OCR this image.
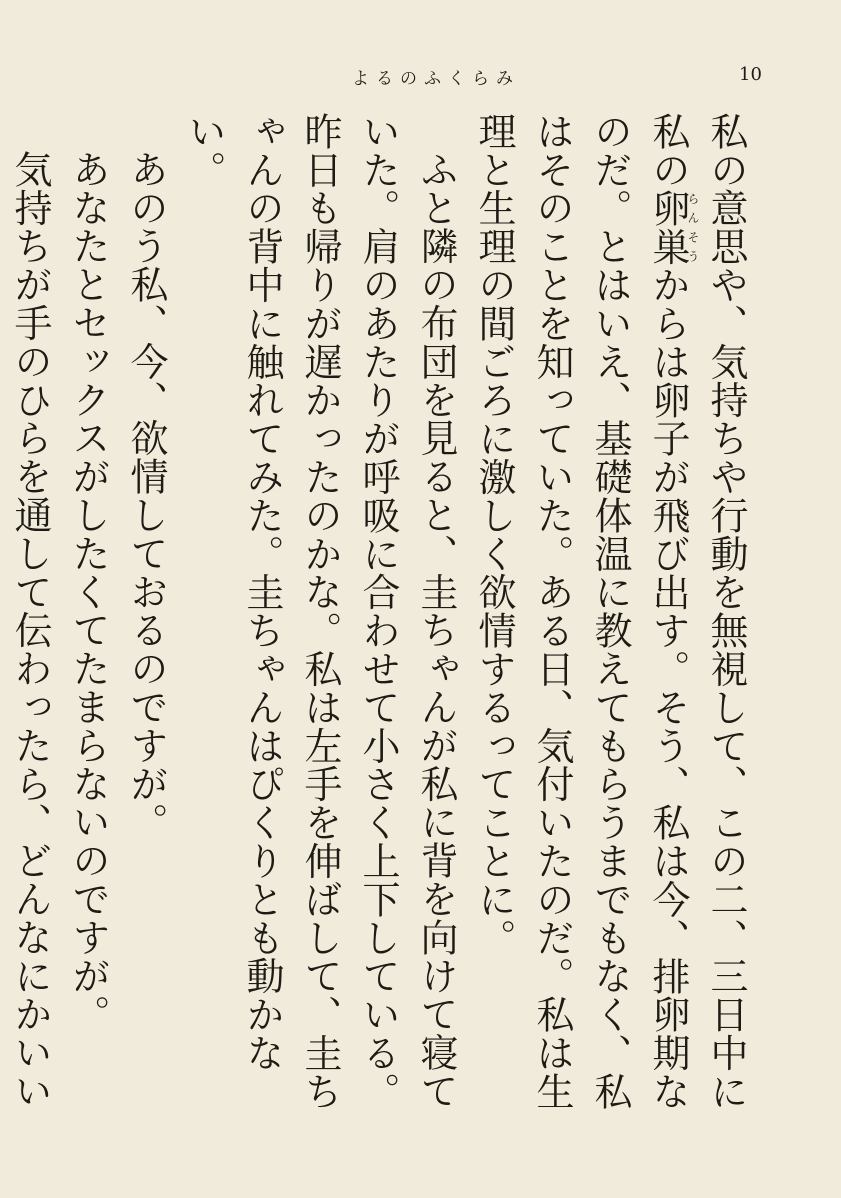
よるのふくらみ	10

私の意思や、気持ちや行動を無視して、この二、三日中に私の卵巣らんそうからは卵子が飛び出す。そう、私は今、排卵期なのだ。とはいえ、基礎体温に教えてもらうまでもなく、私はそのことを知っていた。ある日、気付いたのだ。私は生理と生理の間ごろに激しく欲情するってことに。

ふと隣の布団を見ると、圭ちゃんが私に背を向けて寝ていた。肩のあたりが呼吸に合わせて小さく上下している。昨日も帰りが遅かったのかな。私は左手を伸ばして、圭ちゃんの背中に触れてみた。圭ちゃんはぴくりとも動かない。

あのう私、今、欲情しておるのですが。

あなたとセックスがしたくてたまらないのですが。

気持ちが手のひらを通して伝わったら、どんなにかいい
